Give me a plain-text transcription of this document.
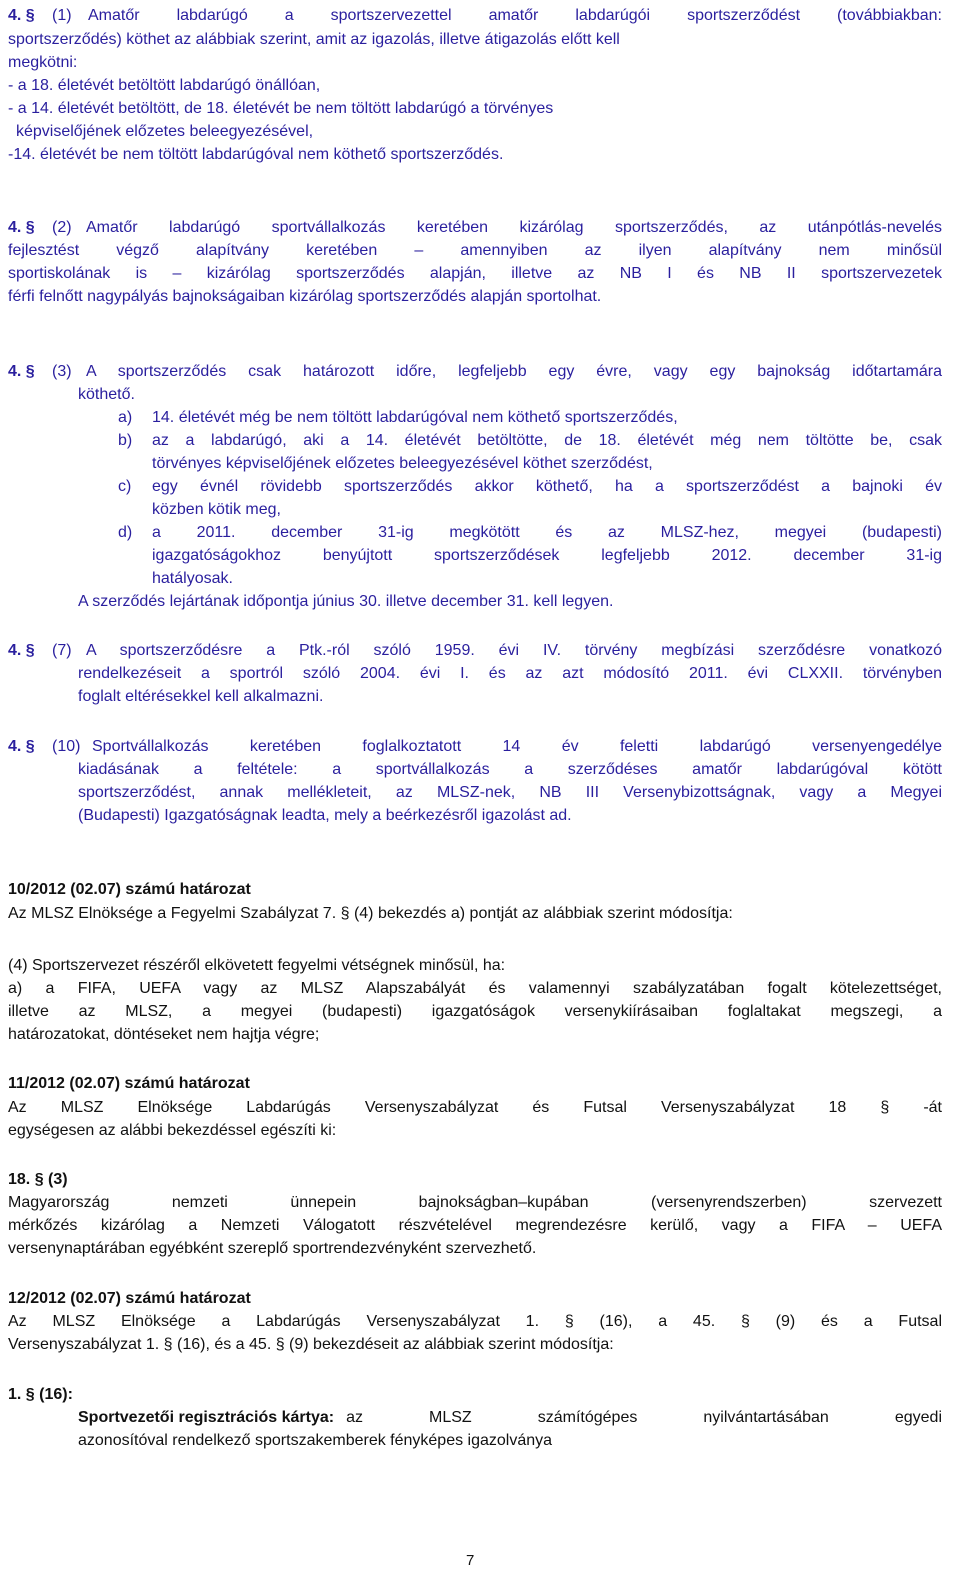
4. § (1) Amatőr labdarúgó a sportszervezettel amatőr labdarúgói sportszerződést (továbbiakban:
sportszerződés) köthet az alábbiak szerint, amit az igazolás, illetve átigazolás előtt kell
megkötni:
- a 18. életévét betöltött labdarúgó önállóan,
- a 14. életévét betöltött, de 18. életévét be nem töltött labdarúgó a törvényes
képviselőjének előzetes beleegyezésével,
-14. életévét be nem töltött labdarúgóval nem köthető sportszerződés.
4. § (2) Amatőr labdarúgó sportvállalkozás keretében kizárólag sportszerződés, az utánpótlás-nevelés
fejlesztést végző alapítvány keretében – amennyiben az ilyen alapítvány nem minősül
sportiskolának is – kizárólag sportszerződés alapján, illetve az NB I és NB II sportszervezetek
férfi felnőtt nagypályás bajnokságaiban kizárólag sportszerződés alapján sportolhat.
4. § (3) A sportszerződés csak határozott időre, legfeljebb egy évre, vagy egy bajnokság időtartamára
köthető.
a) 14. életévét még be nem töltött labdarúgóval nem köthető sportszerződés,
b) az a labdarúgó, aki a 14. életévét betöltötte, de 18. életévét még nem töltötte be, csak
törvényes képviselőjének előzetes beleegyezésével köthet szerződést,
c) egy évnél rövidebb sportszerződés akkor köthető, ha a sportszerződést a bajnoki év
közben kötik meg,
d) a 2011. december 31-ig megkötött és az MLSZ-hez, megyei (budapesti)
igazgatóságokhoz benyújtott sportszerződések legfeljebb 2012. december 31-ig
hatályosak.
A szerződés lejártának időpontja június 30. illetve december 31. kell legyen.
4. § (7) A sportszerződésre a Ptk.-ról szóló 1959. évi IV. törvény megbízási szerződésre vonatkozó
rendelkezéseit a sportról szóló 2004. évi I. és az azt módosító 2011. évi CLXXII. törvényben
foglalt eltérésekkel kell alkalmazni.
4. § (10) Sportvállalkozás keretében foglalkoztatott 14 év feletti labdarúgó versenyengedélye
kiadásának a feltétele: a sportvállalkozás a szerződéses amatőr labdarúgóval kötött
sportszerződést, annak mellékleteit, az MLSZ-nek, NB III Versenybizottságnak, vagy a Megyei
(Budapesti) Igazgatóságnak leadta, mely a beérkezésről igazolást ad.
10/2012 (02.07) számú határozat
Az MLSZ Elnöksége a Fegyelmi Szabályzat 7. § (4) bekezdés a) pontját az alábbiak szerint módosítja:
(4) Sportszervezet részéről elkövetett fegyelmi vétségnek minősül, ha:
a) a FIFA, UEFA vagy az MLSZ Alapszabályát és valamennyi szabályzatában fogalt kötelezettséget,
illetve az MLSZ, a megyei (budapesti) igazgatóságok versenykiírásaiban foglaltakat megszegi, a
határozatokat, döntéseket nem hajtja végre;
11/2012 (02.07) számú határozat
Az MLSZ Elnöksége Labdarúgás Versenyszabályzat és Futsal Versenyszabályzat 18 § -át
egységesen az alábbi bekezdéssel egészíti ki:
18. § (3)
Magyarország nemzeti ünnepein bajnokságban–kupában (versenyrendszerben) szervezett
mérkőzés kizárólag a Nemzeti Válogatott részvételével megrendezésre kerülő, vagy a FIFA – UEFA
versenynaptárában egyébként szereplő sportrendezvényként szervezhető.
12/2012 (02.07) számú határozat
Az MLSZ Elnöksége a Labdarúgás Versenyszabályzat 1. § (16), a 45. § (9) és a Futsal
Versenyszabályzat 1. § (16), és a 45. § (9) bekezdéseit az alábbiak szerint módosítja:
1. § (16):
Sportvezetői regisztrációs kártya: az MLSZ számítógépes nyilvántartásában egyedi
azonosítóval rendelkező sportszakemberek fényképes igazolványa
7
